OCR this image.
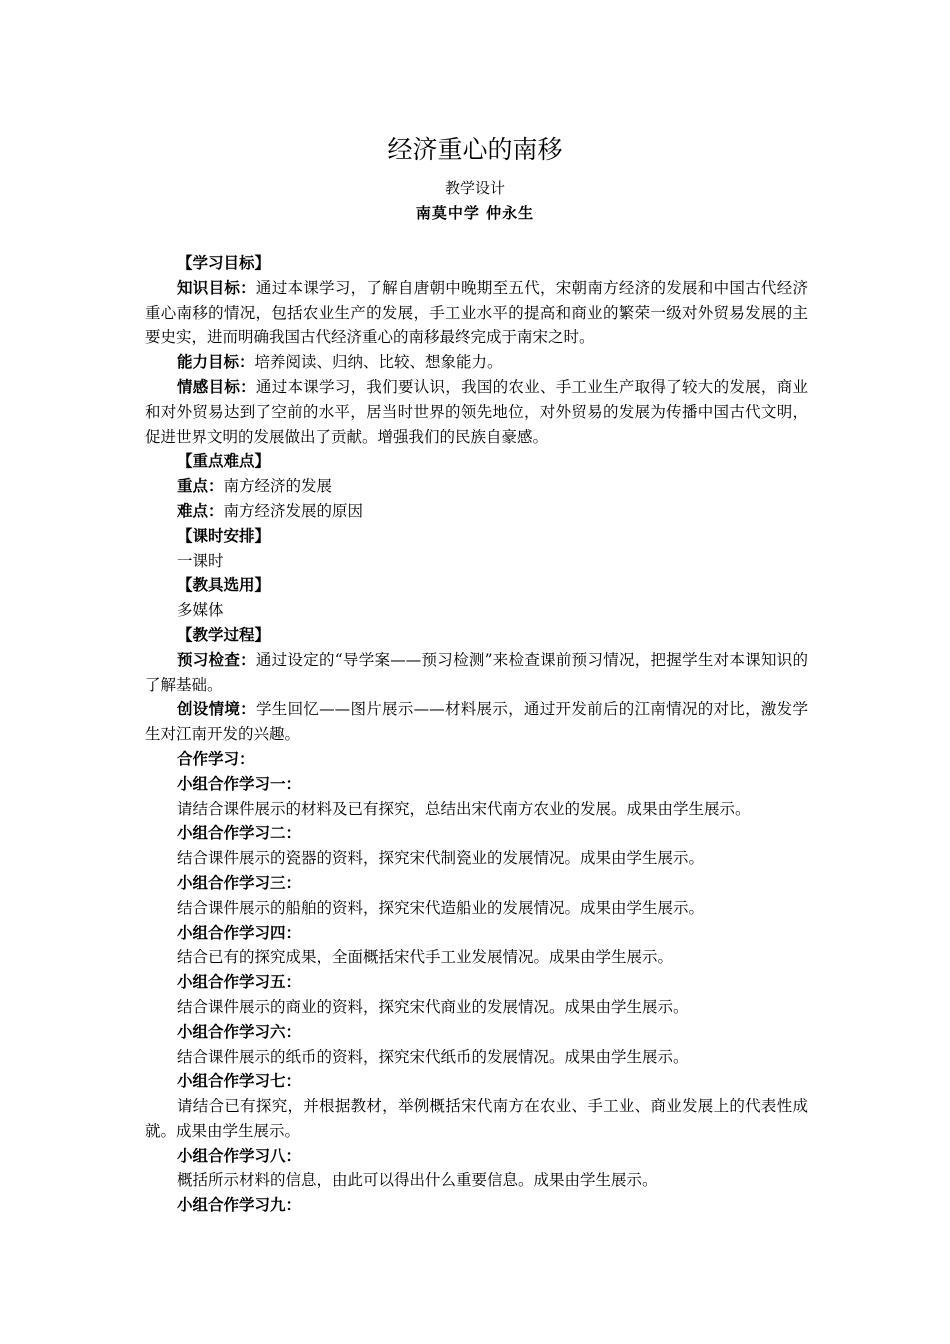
经济重心的南移
教学设计
南莫中学 仲永生

【学习目标】

知识目标：通过本课学习，了解自唐朝中晚期至五代，宋朝南方经济的发展和中国古代经济重心南移的情况，包括农业生产的发展，手工业水平的提高和商业的繁荣一级对外贸易发展的主要史实，进而明确我国古代经济重心的南移最终完成于南宋之时。

能力目标：培养阅读、归纳、比较、想象能力。

情感目标：通过本课学习，我们要认识，我国的农业、手工业生产取得了较大的发展，商业和对外贸易达到了空前的水平，居当时世界的领先地位，对外贸易的发展为传播中国古代文明，促进世界文明的发展做出了贡献。增强我们的民族自豪感。

【重点难点】

重点：南方经济的发展

难点：南方经济发展的原因

【课时安排】

一课时

【教具选用】

多媒体

【教学过程】

预习检查：通过设定的“导学案——预习检测”来检查课前预习情况，把握学生对本课知识的了解基础。

创设情境：学生回忆——图片展示——材料展示，通过开发前后的江南情况的对比，激发学生对江南开发的兴趣。

合作学习：

小组合作学习一：

请结合课件展示的材料及已有探究，总结出宋代南方农业的发展。成果由学生展示。

小组合作学习二：

结合课件展示的瓷器的资料，探究宋代制瓷业的发展情况。成果由学生展示。

小组合作学习三：

结合课件展示的船舶的资料，探究宋代造船业的发展情况。成果由学生展示。

小组合作学习四：

结合已有的探究成果，全面概括宋代手工业发展情况。成果由学生展示。

小组合作学习五：

结合课件展示的商业的资料，探究宋代商业的发展情况。成果由学生展示。

小组合作学习六：

结合课件展示的纸币的资料，探究宋代纸币的发展情况。成果由学生展示。

小组合作学习七：

请结合已有探究，并根据教材，举例概括宋代南方在农业、手工业、商业发展上的代表性成就。成果由学生展示。

小组合作学习八：

概括所示材料的信息，由此可以得出什么重要信息。成果由学生展示。

小组合作学习九：
